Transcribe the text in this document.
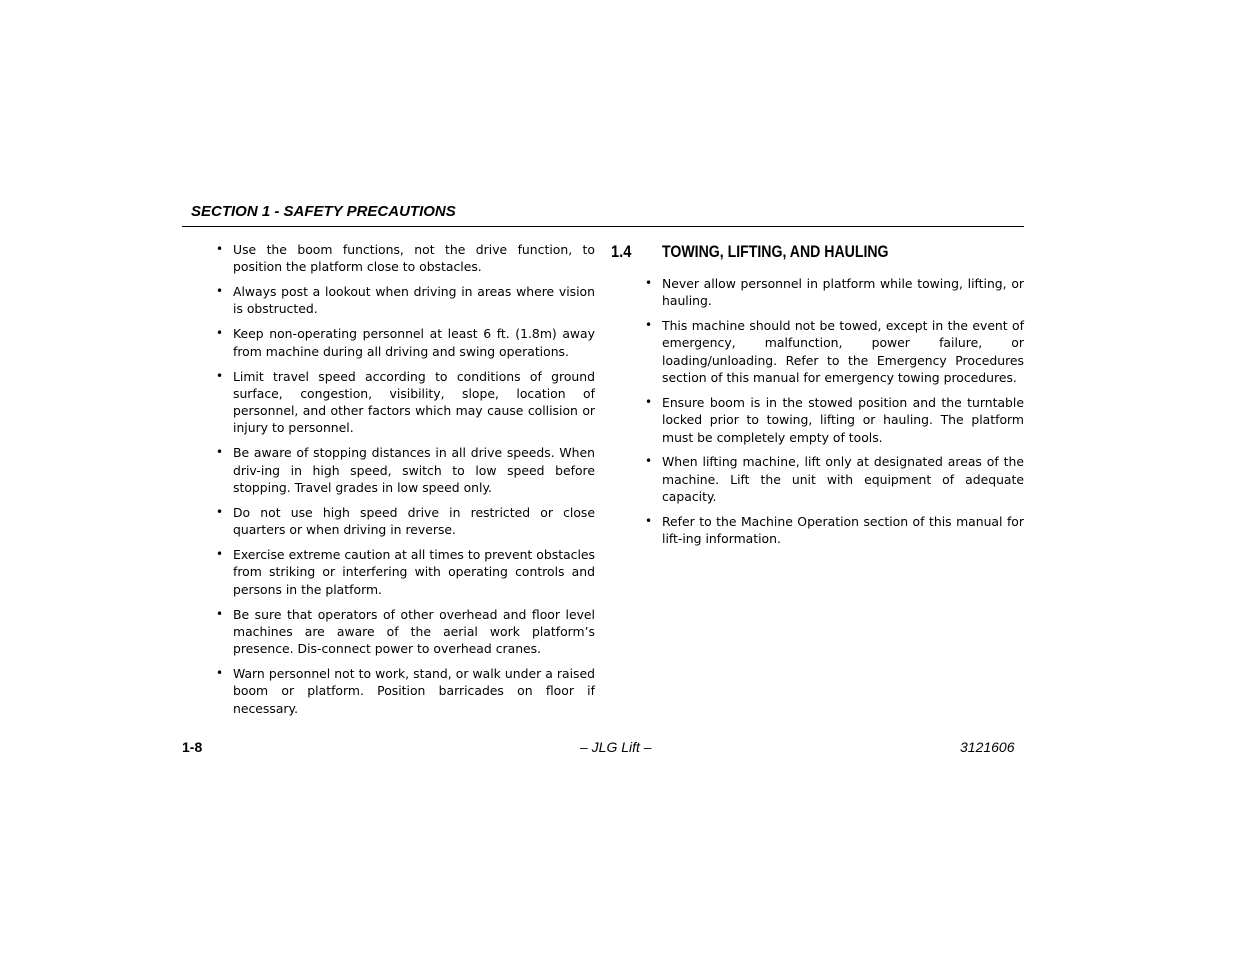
SECTION 1 - SAFETY PRECAUTIONS
• Use the boom functions, not the drive function, to position the platform close to obstacles.
• Always post a lookout when driving in areas where vision is obstructed.
• Keep non-operating personnel at least 6 ft. (1.8m) away from machine during all driving and swing operations.
• Limit travel speed according to conditions of ground surface, congestion, visibility, slope, location of personnel, and other factors which may cause collision or injury to personnel.
• Be aware of stopping distances in all drive speeds. When driv-ing in high speed, switch to low speed before stopping. Travel grades in low speed only.
• Do not use high speed drive in restricted or close quarters or when driving in reverse.
• Exercise extreme caution at all times to prevent obstacles from striking or interfering with operating controls and persons in the platform.
• Be sure that operators of other overhead and floor level machines are aware of the aerial work platform’s presence. Dis-connect power to overhead cranes.
• Warn personnel not to work, stand, or walk under a raised boom or platform. Position barricades on floor if necessary.
1.4 TOWING, LIFTING, AND HAULING
• Never allow personnel in platform while towing, lifting, or hauling.
• This machine should not be towed, except in the event of emergency, malfunction, power failure, or loading/unloading. Refer to the Emergency Procedures section of this manual for emergency towing procedures.
• Ensure boom is in the stowed position and the turntable locked prior to towing, lifting or hauling. The platform must be completely empty of tools.
• When lifting machine, lift only at designated areas of the machine. Lift the unit with equipment of adequate capacity.
• Refer to the Machine Operation section of this manual for lift-ing information.
1-8	– JLG Lift –	3121606
